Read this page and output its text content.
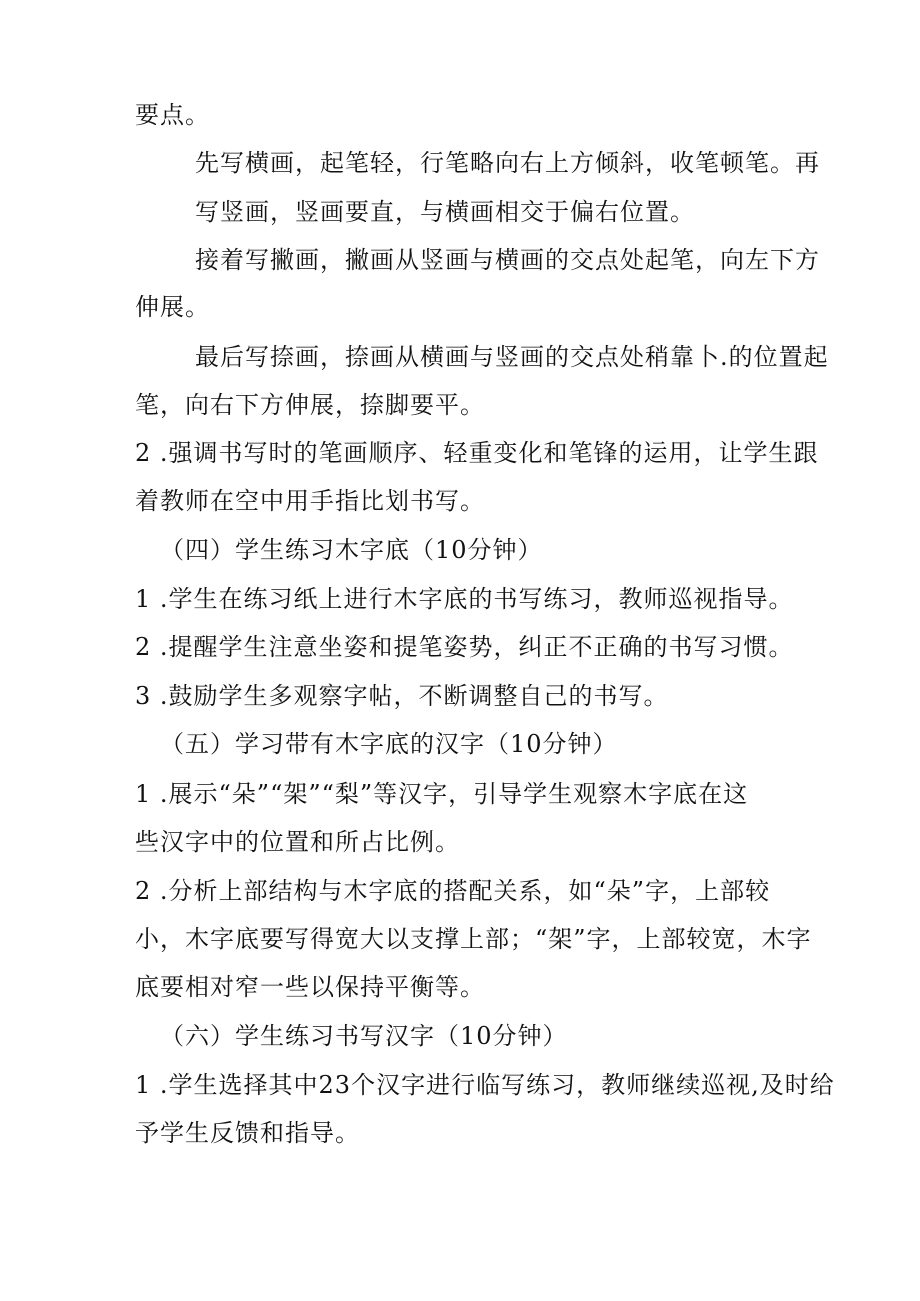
要点。
先写横画，起笔轻，行笔略向右上方倾斜，收笔顿笔。再
写竖画，竖画要直，与横画相交于偏右位置。
接着写撇画，撇画从竖画与横画的交点处起笔，向左下方
伸展。
最后写捺画，捺画从横画与竖画的交点处稍靠卜.的位置起
笔，向右下方伸展，捺脚要平。
2 .强调书写时的笔画顺序、轻重变化和笔锋的运用，让学生跟
着教师在空中用手指比划书写。
（四）学生练习木字底（10分钟）
1 .学生在练习纸上进行木字底的书写练习，教师巡视指导。
2 .提醒学生注意坐姿和提笔姿势，纠正不正确的书写习惯。
3 .鼓励学生多观察字帖，不断调整自己的书写。
（五）学习带有木字底的汉字（10分钟）
1 .展示“朵”“架”“梨”等汉字，引导学生观察木字底在这
些汉字中的位置和所占比例。
2 .分析上部结构与木字底的搭配关系，如“朵”字，上部较
小，木字底要写得宽大以支撑上部；“架”字，上部较宽，木字
底要相对窄一些以保持平衡等。
（六）学生练习书写汉字（10分钟）
1 .学生选择其中23个汉字进行临写练习，教师继续巡视,及时给
予学生反馈和指导。
